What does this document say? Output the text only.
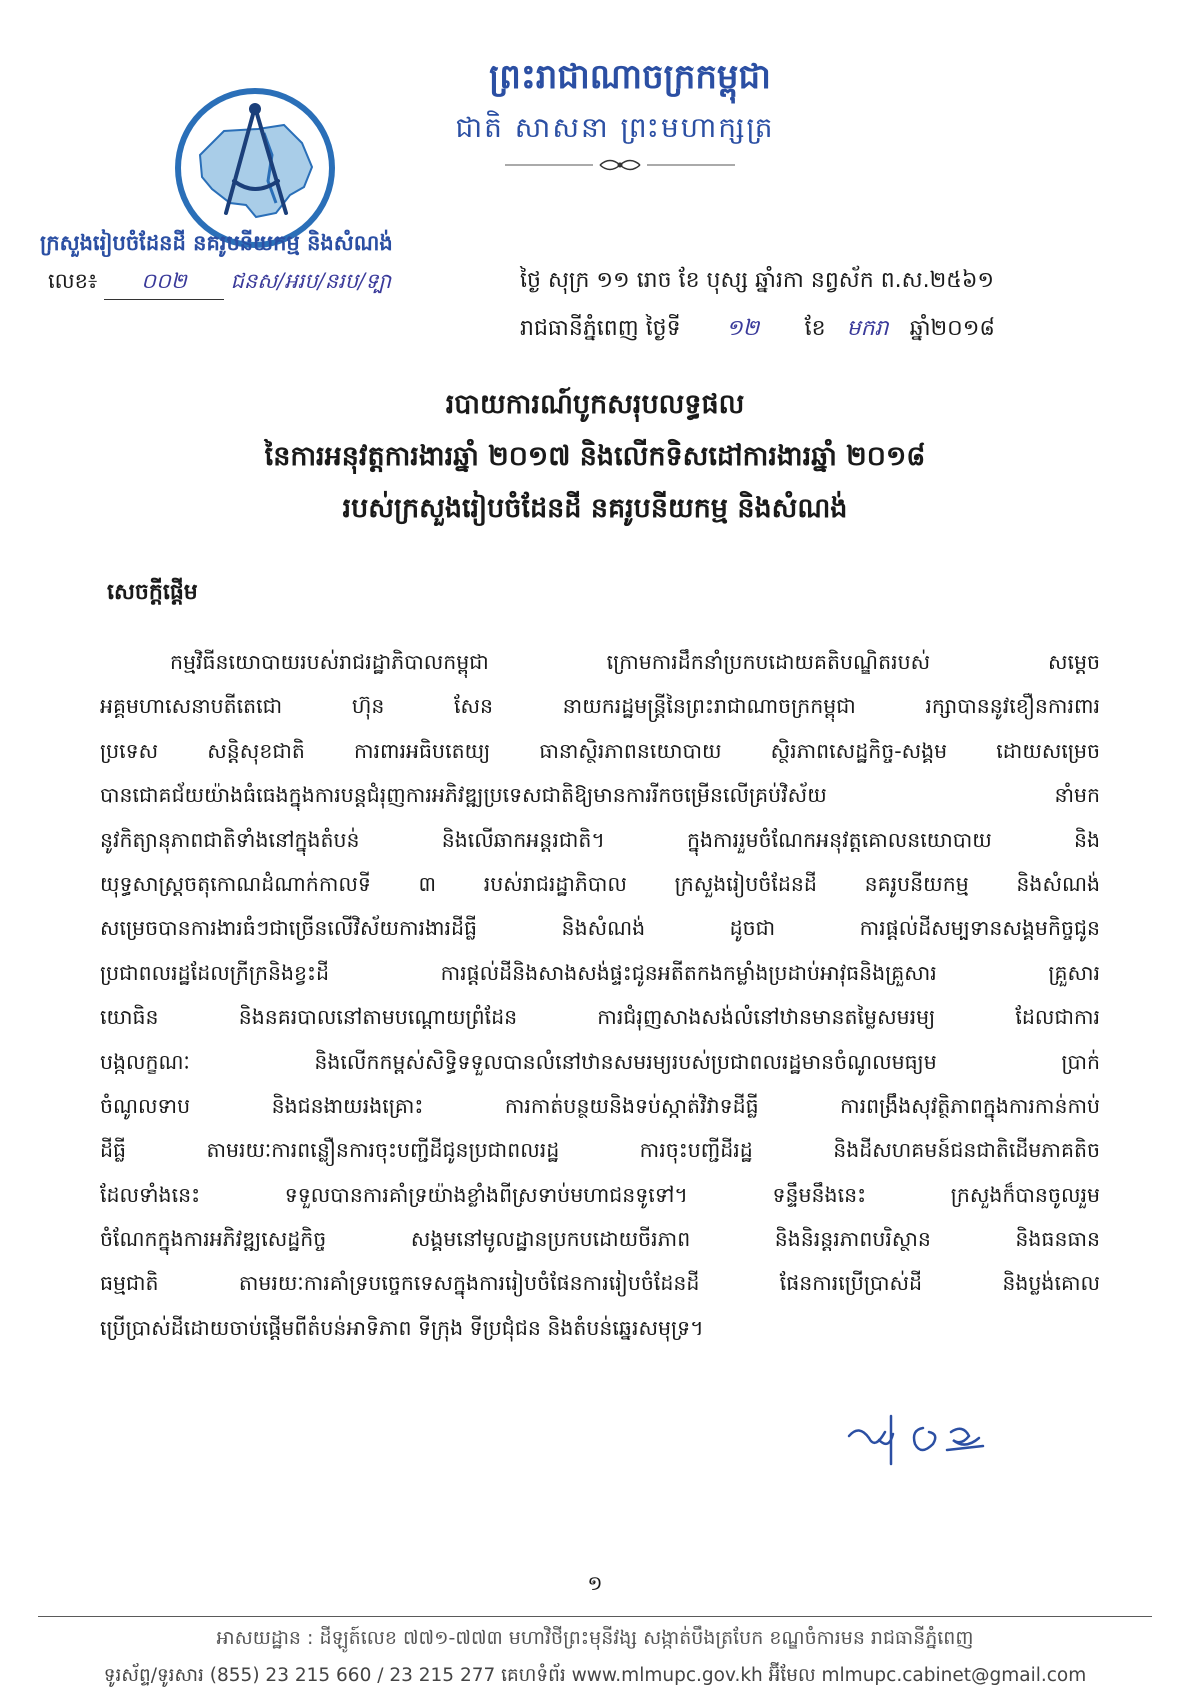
ព្រះរាជាណាចក្រកម្ពុជា
ជាតិ សាសនា ព្រះមហាក្សត្រ
ក្រសួងរៀបចំដែនដី នគរូបនីយកម្ម និងសំណង់
លេខ៖ ០០២ ជនស/អរប/នរប/ទ្បា	ថ្ងៃ សុក្រ ១១ រោច ខែ បុស្ស ឆ្នាំរកា នព្វស័ក ព.ស.២៥៦១
រាជធានីភ្នំពេញ ថ្ងៃទី ១២ ខែ មករា ឆ្នាំ២០១៨
របាយការណ៍បូកសរុបលទ្ធផល
នៃការអនុវត្តការងារឆ្នាំ ២០១៧ និងលើកទិសដៅការងារឆ្នាំ ២០១៨
របស់ក្រសួងរៀបចំដែនដី នគរូបនីយកម្ម និងសំណង់
សេចក្តីផ្តើម
កម្មវិធីនយោបាយរបស់រាជរដ្ឋាភិបាលកម្ពុជា ក្រោមការដឹកនាំប្រកបដោយគតិបណ្ឌិតរបស់ សម្តេច
អគ្គមហាសេនាបតីតេជោ ហ៊ុន សែន នាយករដ្ឋមន្ត្រីនៃព្រះរាជាណាចក្រកម្ពុជា រក្សាបាននូវខឿនការពារ
ប្រទេស សន្តិសុខជាតិ ការពារអធិបតេយ្យ ធានាស្ថិរភាពនយោបាយ ស្ថិរភាពសេដ្ឋកិច្ច-សង្គម ដោយសម្រេច
បានជោគជ័យយ៉ាងធំធេងក្នុងការបន្តជំរុញការអភិវឌ្ឍប្រទេសជាតិឱ្យមានការរីកចម្រើនលើគ្រប់វិស័យ នាំមក
នូវកិត្យានុភាពជាតិទាំងនៅក្នុងតំបន់ និងលើឆាកអន្តរជាតិ។ ក្នុងការរួមចំណែកអនុវត្តគោលនយោបាយ និង
យុទ្ធសាស្ត្រចតុកោណដំណាក់កាលទី ៣ របស់រាជរដ្ឋាភិបាល ក្រសួងរៀបចំដែនដី នគរូបនីយកម្ម និងសំណង់
សម្រេចបានការងារធំៗជាច្រើនលើវិស័យការងារដីធ្លី និងសំណង់ ដូចជា ការផ្តល់ដីសម្បទានសង្គមកិច្ចជូន
ប្រជាពលរដ្ឋដែលក្រីក្រនិងខ្វះដី ការផ្តល់ដីនិងសាងសង់ផ្ទះជូនអតីតកងកម្លាំងប្រដាប់អាវុធនិងគ្រួសារ គ្រួសារ
យោធិន និងនគរបាលនៅតាមបណ្តោយព្រំដែន ការជំរុញសាងសង់លំនៅឋានមានតម្លៃសមរម្យ ដែលជាការ
បង្កលក្ខណៈ និងលើកកម្ពស់សិទ្ធិទទួលបានលំនៅឋានសមរម្យរបស់ប្រជាពលរដ្ឋមានចំណូលមធ្យម ប្រាក់
ចំណូលទាប និងជនងាយរងគ្រោះ ការកាត់បន្ថយនិងទប់ស្កាត់វិវាទដីធ្លី ការពង្រឹងសុវត្ថិភាពក្នុងការកាន់កាប់
ដីធ្លី តាមរយៈការពន្លឿនការចុះបញ្ជីដីជូនប្រជាពលរដ្ឋ ការចុះបញ្ជីដីរដ្ឋ និងដីសហគមន៍ជនជាតិដើមភាគតិច
ដែលទាំងនេះ ទទួលបានការគាំទ្រយ៉ាងខ្លាំងពីស្រទាប់មហាជនទូទៅ។ ទន្ទឹមនឹងនេះ ក្រសួងក៏បានចូលរួម
ចំណែកក្នុងការអភិវឌ្ឍសេដ្ឋកិច្ច សង្គមនៅមូលដ្ឋានប្រកបដោយចីរភាព និងនិរន្តរភាពបរិស្ថាន និងធនធាន
ធម្មជាតិ តាមរយៈការគាំទ្របច្ចេកទេសក្នុងការរៀបចំផែនការរៀបចំដែនដី ផែនការប្រើប្រាស់ដី និងប្លង់គោល
ប្រើប្រាស់ដីដោយចាប់ផ្តើមពីតំបន់អាទិភាព ទីក្រុង ទីប្រជុំជន និងតំបន់ឆ្នេរសមុទ្រ។
១
អាសយដ្ឋាន : ដីឡូត៍លេខ ៧៧១-៧៧៣ មហាវិថីព្រះមុនីវង្ស សង្កាត់បឹងត្របែក ខណ្ឌចំការមន រាជធានីភ្នំពេញ
ទូរស័ព្ទ/ទូរសារ (855) 23 215 660 / 23 215 277 គេហទំព័រ www.mlmupc.gov.kh អ៊ីមែល mlmupc.cabinet@gmail.com
